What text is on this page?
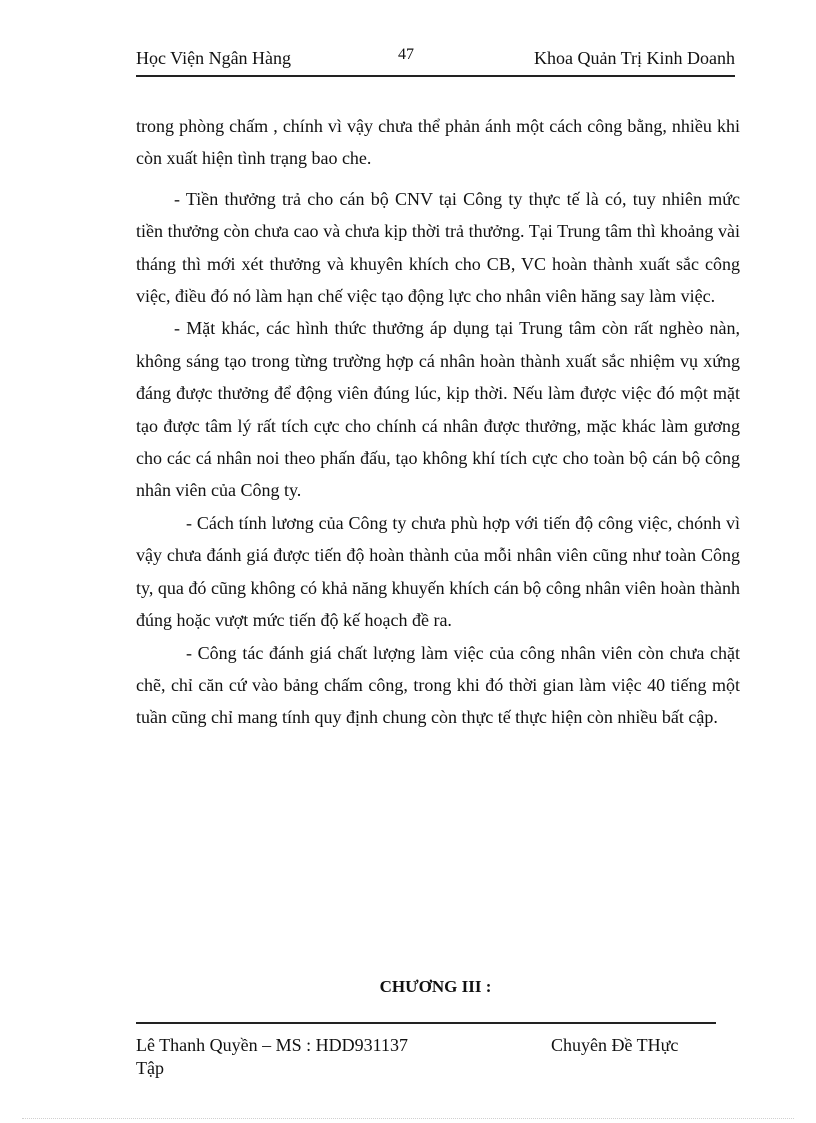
Học Viện Ngân Hàng	47	Khoa Quản Trị Kinh Doanh

trong phòng chấm , chính vì vậy chưa thể phản ánh một cách công bằng, nhiều khi còn xuất hiện tình trạng bao che.

- Tiền thưởng trả cho cán bộ CNV tại Công ty thực tế là có, tuy nhiên mức tiền thưởng còn chưa cao và chưa kịp thời trả thưởng. Tại Trung tâm thì khoảng vài tháng thì mới xét thưởng và khuyên khích cho CB, VC hoàn thành xuất sắc công việc, điều đó nó làm hạn chế việc tạo động lực cho nhân viên hăng say làm việc.

- Mặt khác, các hình thức thưởng áp dụng tại Trung tâm còn rất nghèo nàn, không sáng tạo trong từng trường hợp cá nhân hoàn thành xuất sắc nhiệm vụ xứng đáng được thưởng để động viên đúng lúc, kịp thời. Nếu làm được việc đó một mặt tạo được tâm lý rất tích cực cho chính cá nhân được thưởng, mặc khác làm gương cho các cá nhân noi theo phấn đấu, tạo không khí tích cực cho toàn bộ cán bộ công nhân viên của Công ty.

- Cách tính lương của Công ty chưa phù hợp với tiến độ công việc, chónh vì vậy chưa đánh giá được tiến độ hoàn thành của mỗi nhân viên cũng như toàn Công ty, qua đó cũng không có khả năng khuyến khích cán bộ công nhân viên hoàn thành đúng hoặc vượt mức tiến độ kế hoạch đề ra.

- Công tác đánh giá chất lượng làm việc của công nhân viên còn chưa chặt chẽ, chỉ căn cứ vào bảng chấm công, trong khi đó thời gian làm việc 40 tiếng một tuần cũng chỉ mang tính quy định chung còn thực tế thực hiện còn nhiều bất cập.

CHƯƠNG III :
Lê Thanh Quyền – MS : HDD931137	Chuyên Đề THực
Tập
